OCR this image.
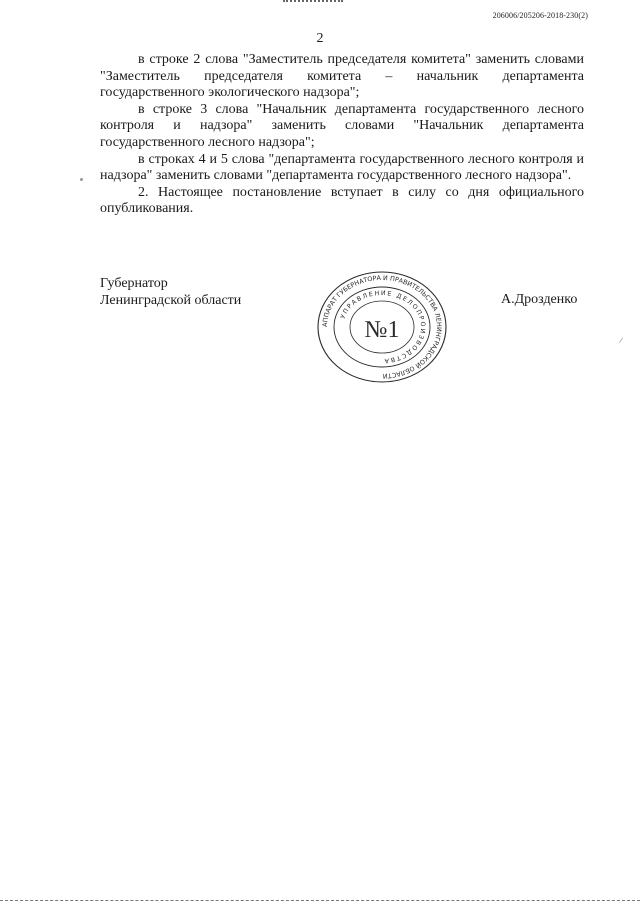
206006/205206-2018-230(2)
2

в строке 2 слова "Заместитель председателя комитета" заменить словами "Заместитель председателя комитета – начальник департамента государственного экологического надзора";

в строке 3 слова "Начальник департамента государственного лесного контроля и надзора" заменить словами "Начальник департамента государственного лесного надзора";

в строках 4 и 5 слова "департамента государственного лесного контроля и надзора" заменить словами "департамента государственного лесного надзора".

2. Настоящее постановление вступает в силу со дня официального опубликования.

Губернатор
Ленинградской области	А.Дрозденко
АППАРАТ ГУБЕРНАТОРА И ПРАВИТЕЛЬСТВА ЛЕНИНГРАДСКОЙ ОБЛАСТИ
УПРАВЛЕНИЕ ДЕЛОПРОИЗВОДСТВА
№1
